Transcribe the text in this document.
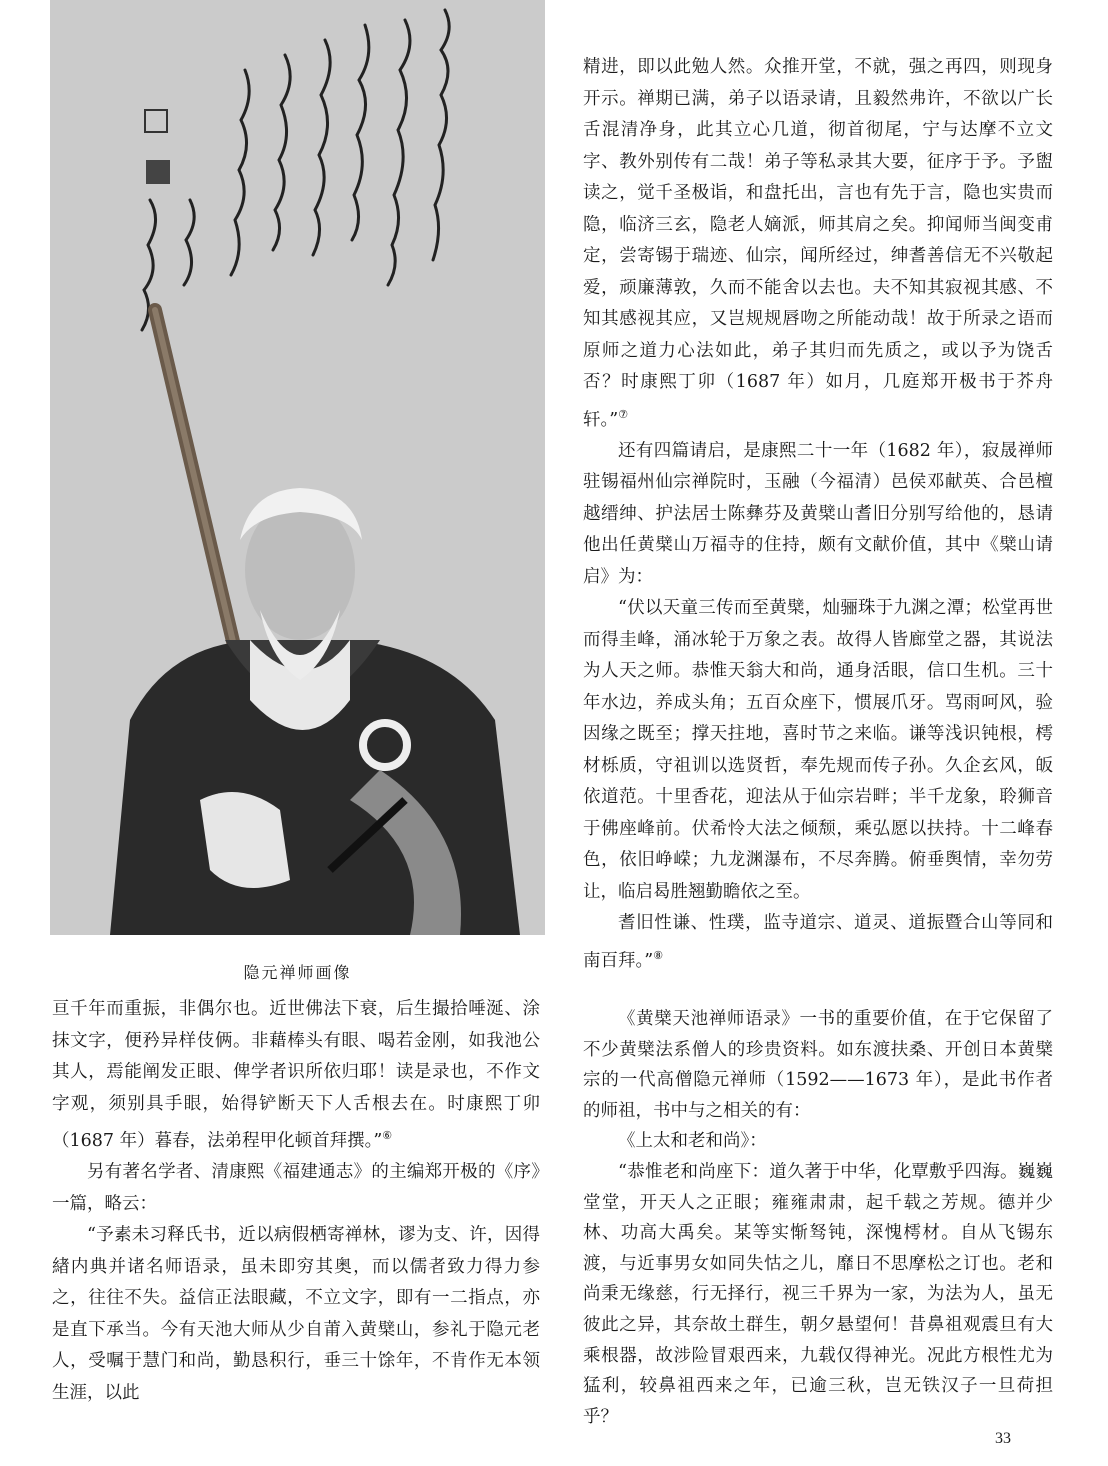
隐元禅师画像

亘千年而重振，非偶尔也。近世佛法下衰，后生撮拾唾涎、涂抹文字，便矜异样伎俩。非藉棒头有眼、喝若金刚，如我池公其人，焉能阐发正眼、俾学者识所依归耶！读是录也，不作文字观，须别具手眼，始得铲断天下人舌根去在。时康熙丁卯（1687 年）暮春，法弟程甲化顿首拜撰。”⑥

另有著名学者、清康熙《福建通志》的主编郑开极的《序》一篇，略云：

“予素未习释氏书，近以病假栖寄禅林，谬为支、许，因得緖内典并诸名师语录，虽未即穷其奥，而以儒者致力得力参之，往往不失。益信正法眼藏，不立文字，即有一二指点，亦是直下承当。今有天池大师从少自莆入黄檗山，参礼于隐元老人，受嘱于慧门和尚，勤恳积行，垂三十馀年，不肯作无本领生涯，以此

精进，即以此勉人然。众推开堂，不就，强之再四，则现身开示。禅期已满，弟子以语录请，且毅然弗许，不欲以广长舌混清净身，此其立心几道，彻首彻尾，宁与达摩不立文字、教外别传有二哉！弟子等私录其大要，征序于予。予盥读之，觉千圣极诣，和盘托出，言也有先于言，隐也实贵而隐，临济三玄，隐老人嫡派，师其肩之矣。抑闻师当闽变甫定，尝寄锡于瑞迹、仙宗，闻所经过，绅耆善信无不兴敬起爱，顽廉薄敦，久而不能舍以去也。夫不知其寂视其感、不知其感视其应，又岂规规唇吻之所能动哉！故于所录之语而原师之道力心法如此，弟子其归而先质之，或以予为饶舌否？时康熙丁卯（1687 年）如月，几庭郑开极书于芥舟轩。”⑦

还有四篇请启，是康熙二十一年（1682 年），寂晟禅师驻锡福州仙宗禅院时，玉融（今福清）邑侯邓献英、合邑檀越缙绅、护法居士陈彝芬及黄檗山耆旧分别写给他的，恳请他出任黄檗山万福寺的住持，颇有文献价值，其中《檗山请启》为：

“伏以天童三传而至黄檗，灿骊珠于九渊之潭；松堂再世而得圭峰，涌冰轮于万象之表。故得人皆廊堂之器，其说法为人天之师。恭惟天翁大和尚，通身活眼，信口生机。三十年水边，养成头角；五百众座下，惯展爪牙。骂雨呵风，验因缘之既至；撑天拄地，喜时节之来临。谦等浅识钝根，樗材栎质，守祖训以选贤哲，奉先规而传子孙。久企玄风，皈依道范。十里香花，迎法从于仙宗岩畔；半千龙象，聆狮音于佛座峰前。伏希怜大法之倾颓，乘弘愿以扶持。十二峰春色，依旧峥嵘；九龙渊瀑布，不尽奔腾。俯垂舆情，幸勿劳让，临启曷胜翘勤瞻依之至。

耆旧性谦、性璞，监寺道宗、道灵、道振暨合山等同和南百拜。”⑧

《黄檗天池禅师语录》一书的重要价值，在于它保留了不少黄檗法系僧人的珍贵资料。如东渡扶桑、开创日本黄檗宗的一代高僧隐元禅师（1592——1673 年），是此书作者的师祖，书中与之相关的有：

《上太和老和尚》：

“恭惟老和尚座下：道久著于中华，化覃敷乎四海。巍巍堂堂，开天人之正眼；雍雍肃肃，起千载之芳规。德并少林、功高大禹矣。某等实惭驽钝，深愧樗材。自从飞锡东渡，与近事男女如同失怙之儿，靡日不思摩松之订也。老和尚秉无缘慈，行无择行，视三千界为一家，为法为人，虽无彼此之异，其奈故土群生，朝夕悬望何！昔鼻祖观震旦有大乘根器，故涉险冒艰西来，九载仅得神光。况此方根性尤为猛利，较鼻祖西来之年，已逾三秋，岂无铁汉子一旦荷担乎？

33
